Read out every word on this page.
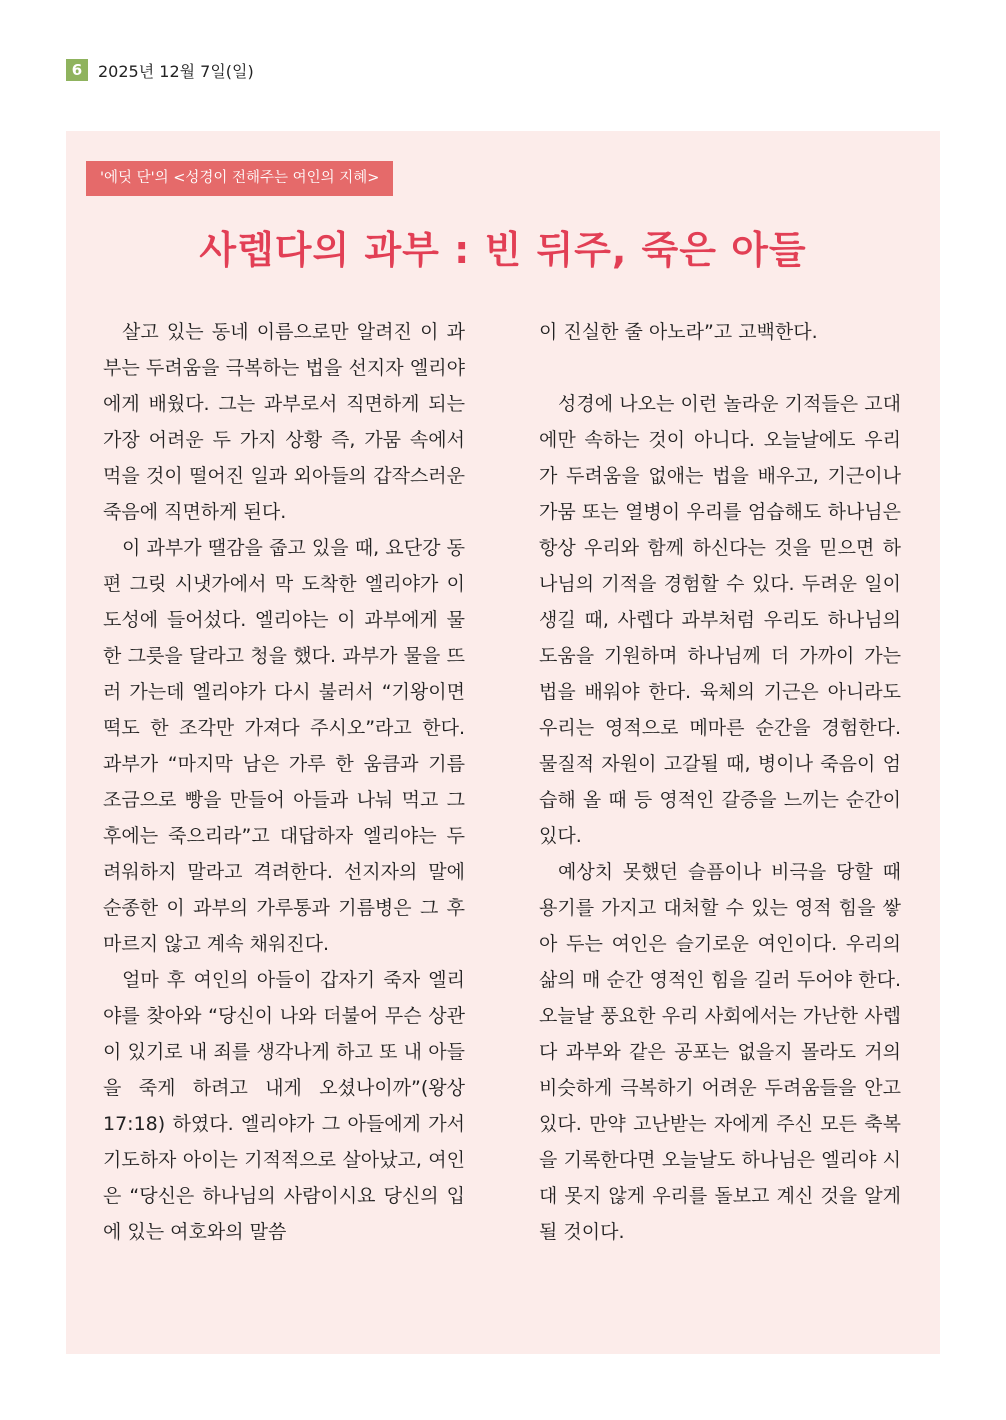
6 2025년 12월 7일(일)
'에딧 단'의 <성경이 전해주는 여인의 지혜>
사렙다의 과부 : 빈 뒤주, 죽은 아들

살고 있는 동네 이름으로만 알려진 이 과부는 두려움을 극복하는 법을 선지자 엘리야에게 배웠다. 그는 과부로서 직면하게 되는 가장 어려운 두 가지 상황 즉, 가뭄 속에서 먹을 것이 떨어진 일과 외아들의 갑작스러운 죽음에 직면하게 된다.

이 과부가 땔감을 줍고 있을 때, 요단강 동편 그릿 시냇가에서 막 도착한 엘리야가 이 도성에 들어섰다. 엘리야는 이 과부에게 물 한 그릇을 달라고 청을 했다. 과부가 물을 뜨러 가는데 엘리야가 다시 불러서 “기왕이면 떡도 한 조각만 가져다 주시오”라고 한다. 과부가 “마지막 남은 가루 한 움큼과 기름 조금으로 빵을 만들어 아들과 나눠 먹고 그후에는 죽으리라”고 대답하자 엘리야는 두려워하지 말라고 격려한다. 선지자의 말에 순종한 이 과부의 가루통과 기름병은 그 후 마르지 않고 계속 채워진다.

얼마 후 여인의 아들이 갑자기 죽자 엘리야를 찾아와 “당신이 나와 더불어 무슨 상관이 있기로 내 죄를 생각나게 하고 또 내 아들을 죽게 하려고 내게 오셨나이까”(왕상 17:18) 하였다. 엘리야가 그 아들에게 가서 기도하자 아이는 기적적으로 살아났고, 여인은 “당신은 하나님의 사람이시요 당신의 입에 있는 여호와의 말씀

이 진실한 줄 아노라”고 고백한다.

성경에 나오는 이런 놀라운 기적들은 고대에만 속하는 것이 아니다. 오늘날에도 우리가 두려움을 없애는 법을 배우고, 기근이나 가뭄 또는 열병이 우리를 엄습해도 하나님은 항상 우리와 함께 하신다는 것을 믿으면 하나님의 기적을 경험할 수 있다. 두려운 일이 생길 때, 사렙다 과부처럼 우리도 하나님의 도움을 기원하며 하나님께 더 가까이 가는 법을 배워야 한다. 육체의 기근은 아니라도 우리는 영적으로 메마른 순간을 경험한다. 물질적 자원이 고갈될 때, 병이나 죽음이 엄습해 올 때 등 영적인 갈증을 느끼는 순간이 있다.

예상치 못했던 슬픔이나 비극을 당할 때 용기를 가지고 대처할 수 있는 영적 힘을 쌓아 두는 여인은 슬기로운 여인이다. 우리의 삶의 매 순간 영적인 힘을 길러 두어야 한다. 오늘날 풍요한 우리 사회에서는 가난한 사렙다 과부와 같은 공포는 없을지 몰라도 거의 비슷하게 극복하기 어려운 두려움들을 안고 있다. 만약 고난받는 자에게 주신 모든 축복을 기록한다면 오늘날도 하나님은 엘리야 시대 못지 않게 우리를 돌보고 계신 것을 알게 될 것이다.
